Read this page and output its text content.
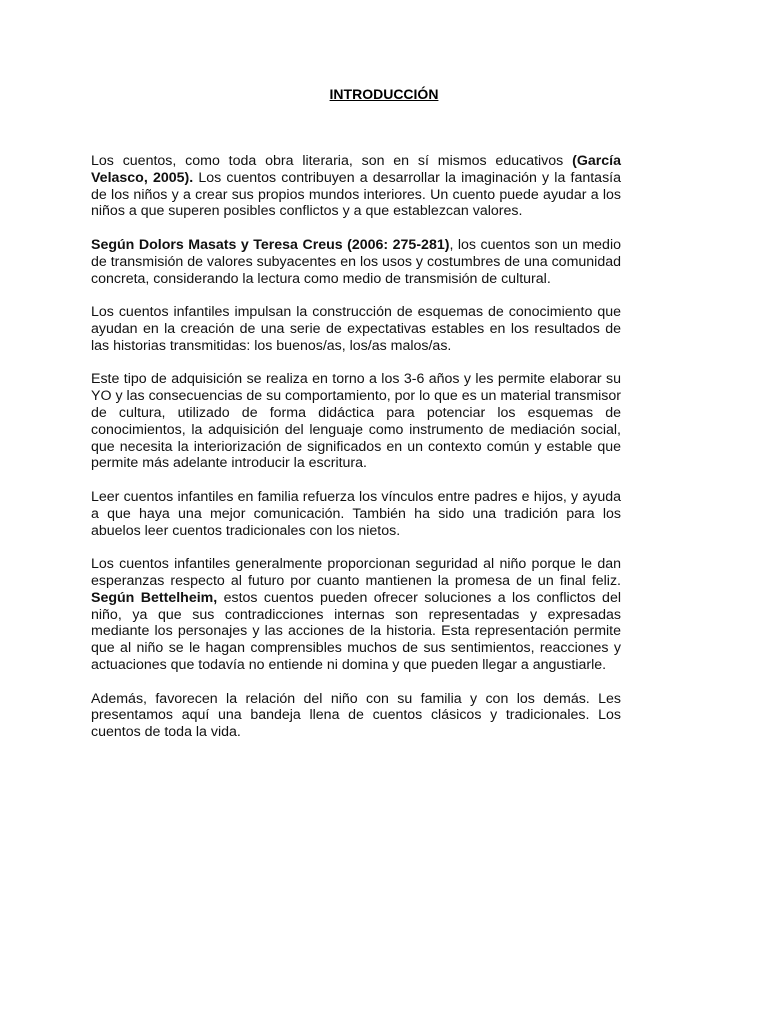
INTRODUCCIÓN

Los cuentos, como toda obra literaria, son en sí mismos educativos (García Velasco, 2005). Los cuentos contribuyen a desarrollar la imaginación y la fantasía de los niños y a crear sus propios mundos interiores. Un cuento puede ayudar a los niños a que superen posibles conflictos y a que establezcan valores.

Según Dolors Masats y Teresa Creus (2006: 275-281), los cuentos son un medio de transmisión de valores subyacentes en los usos y costumbres de una comunidad concreta, considerando la lectura como medio de transmisión de cultural.

Los cuentos infantiles impulsan la construcción de esquemas de conocimiento que ayudan en la creación de una serie de expectativas estables en los resultados de las historias transmitidas: los buenos/as, los/as malos/as.

Este tipo de adquisición se realiza en torno a los 3-6 años y les permite elaborar su YO y las consecuencias de su comportamiento, por lo que es un material transmisor de cultura, utilizado de forma didáctica para potenciar los esquemas de conocimientos, la adquisición del lenguaje como instrumento de mediación social, que necesita la interiorización de significados en un contexto común y estable que permite más adelante introducir la escritura.

Leer cuentos infantiles en familia refuerza los vínculos entre padres e hijos, y ayuda a que haya una mejor comunicación. También ha sido una tradición para los abuelos leer cuentos tradicionales con los nietos.

Los cuentos infantiles generalmente proporcionan seguridad al niño porque le dan esperanzas respecto al futuro por cuanto mantienen la promesa de un final feliz. Según Bettelheim, estos cuentos pueden ofrecer soluciones a los conflictos del niño, ya que sus contradicciones internas son representadas y expresadas mediante los personajes y las acciones de la historia. Esta representación permite que al niño se le hagan comprensibles muchos de sus sentimientos, reacciones y actuaciones que todavía no entiende ni domina y que pueden llegar a angustiarle.

Además, favorecen la relación del niño con su familia y con los demás. Les presentamos aquí una bandeja llena de cuentos clásicos y tradicionales. Los cuentos de toda la vida.
